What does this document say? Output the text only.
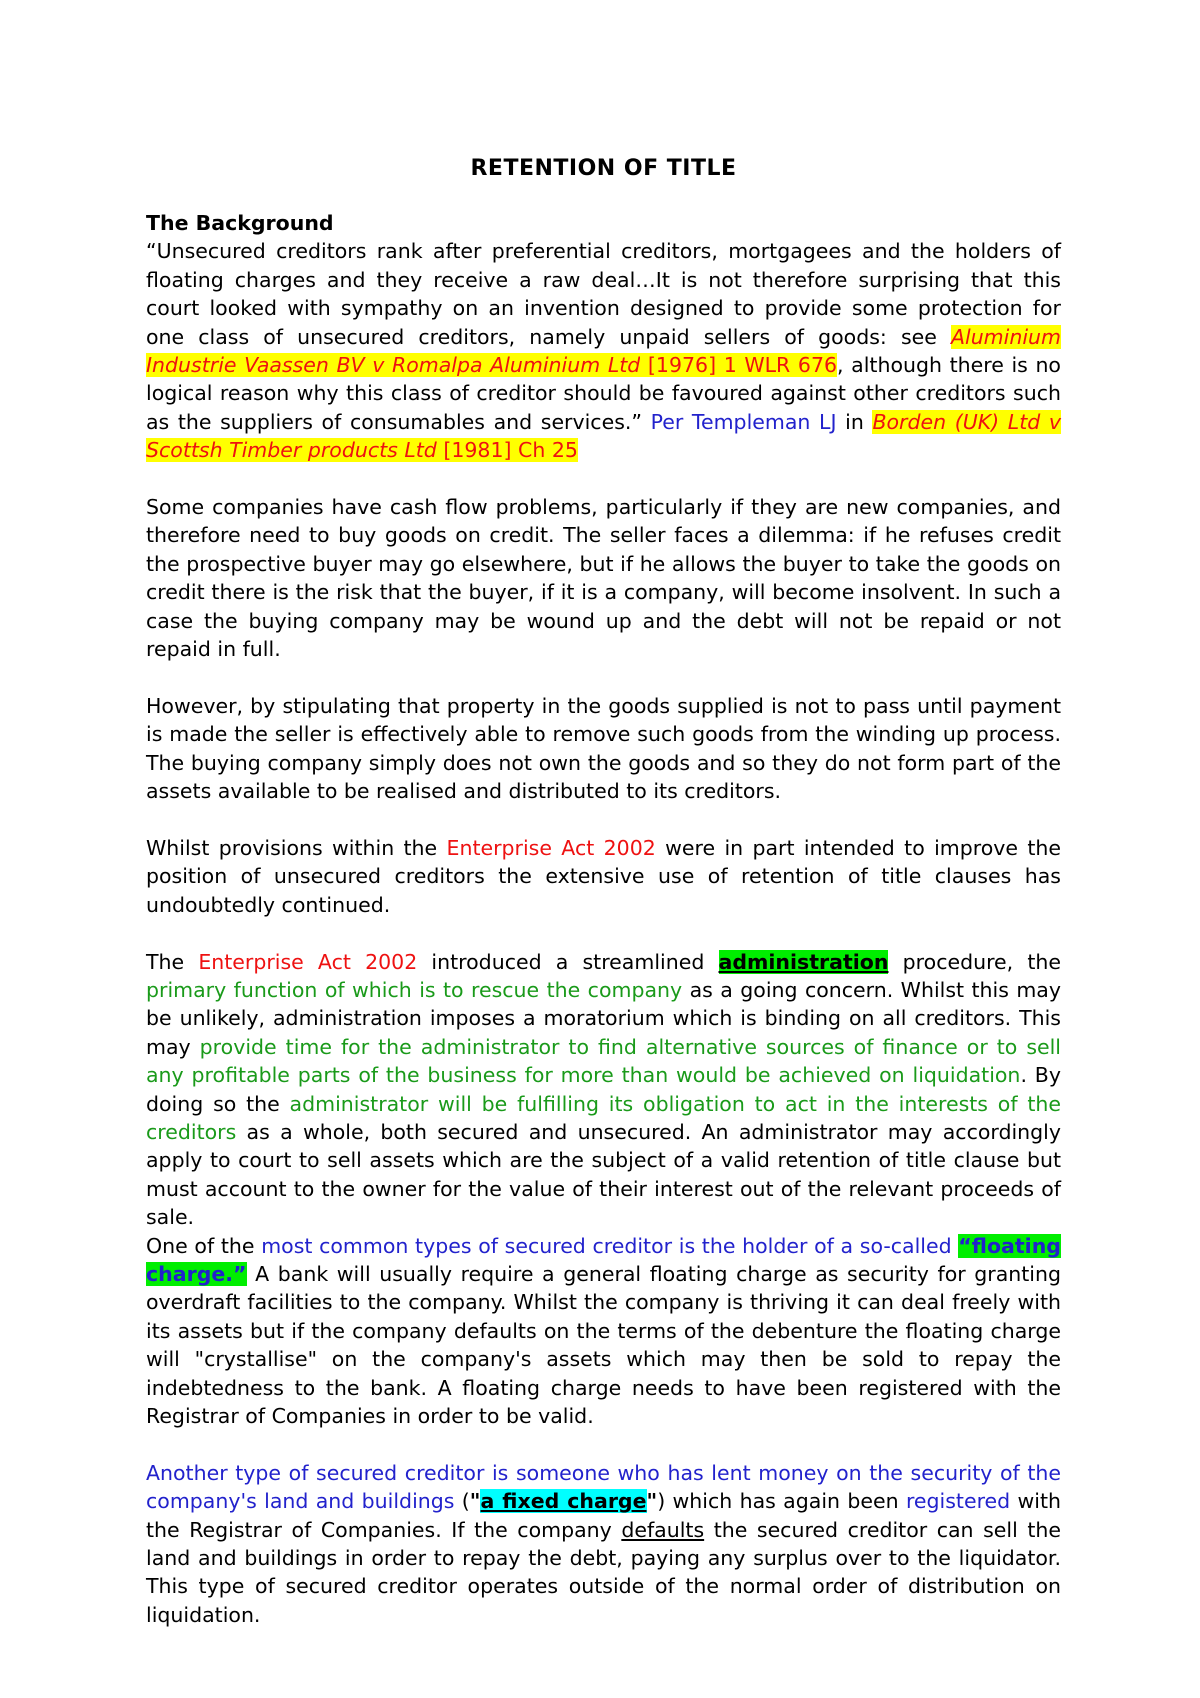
RETENTION OF TITLE
The Background

“Unsecured creditors rank after preferential creditors, mortgagees and the holders of floating charges and they receive a raw deal…It is not therefore surprising that this court looked with sympathy on an invention designed to provide some protection for one class of unsecured creditors, namely unpaid sellers of goods: see Aluminium Industrie Vaassen BV v Romalpa Aluminium Ltd [1976] 1 WLR 676, although there is no logical reason why this class of creditor should be favoured against other creditors such as the suppliers of consumables and services.” Per Templeman LJ in Borden (UK) Ltd v Scottsh Timber products Ltd [1981] Ch 25

Some companies have cash flow problems, particularly if they are new companies, and therefore need to buy goods on credit. The seller faces a dilemma: if he refuses credit the prospective buyer may go elsewhere, but if he allows the buyer to take the goods on credit there is the risk that the buyer, if it is a company, will become insolvent. In such a case the buying company may be wound up and the debt will not be repaid or not repaid in full.

However, by stipulating that property in the goods supplied is not to pass until payment is made the seller is effectively able to remove such goods from the winding up process. The buying company simply does not own the goods and so they do not form part of the assets available to be realised and distributed to its creditors.

Whilst provisions within the Enterprise Act 2002 were in part intended to improve the position of unsecured creditors the extensive use of retention of title clauses has undoubtedly continued.

The Enterprise Act 2002 introduced a streamlined administration procedure, the primary function of which is to rescue the company as a going concern. Whilst this may be unlikely, administration imposes a moratorium which is binding on all creditors. This may provide time for the administrator to find alternative sources of finance or to sell any profitable parts of the business for more than would be achieved on liquidation. By doing so the administrator will be fulfilling its obligation to act in the interests of the creditors as a whole, both secured and unsecured. An administrator may accordingly apply to court to sell assets which are the subject of a valid retention of title clause but must account to the owner for the value of their interest out of the relevant proceeds of sale.

One of the most common types of secured creditor is the holder of a so-called “floating charge.” A bank will usually require a general floating charge as security for granting overdraft facilities to the company. Whilst the company is thriving it can deal freely with its assets but if the company defaults on the terms of the debenture the floating charge will "crystallise" on the company's assets which may then be sold to repay the indebtedness to the bank. A floating charge needs to have been registered with the Registrar of Companies in order to be valid.

Another type of secured creditor is someone who has lent money on the security of the company's land and buildings ("a fixed charge") which has again been registered with the Registrar of Companies. If the company defaults the secured creditor can sell the land and buildings in order to repay the debt, paying any surplus over to the liquidator. This type of secured creditor operates outside of the normal order of distribution on liquidation.
